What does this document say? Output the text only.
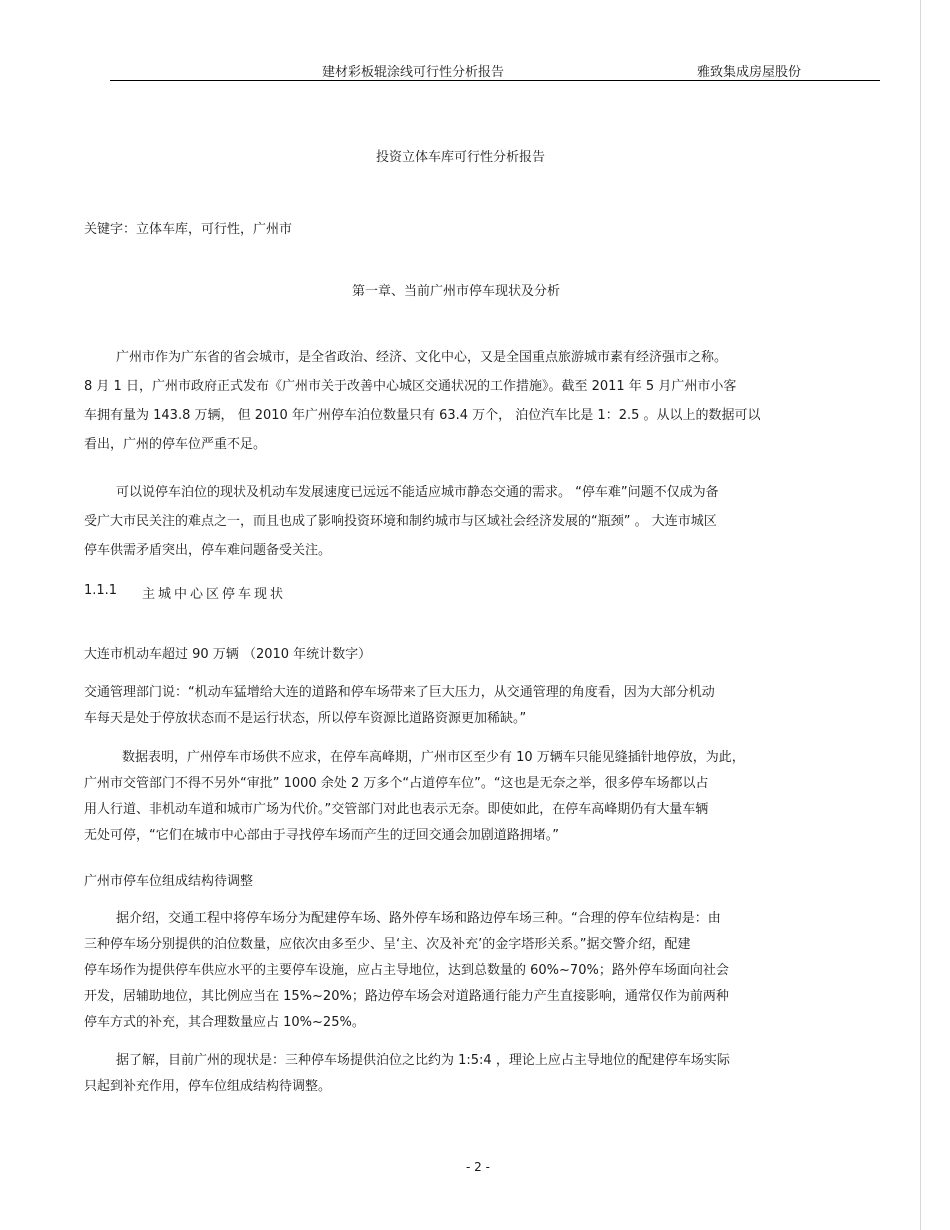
建材彩板辊涂线可行性分析报告	雅致集成房屋股份
投资立体车库可行性分析报告
关键字：立体车库，可行性，广州市
第一章、当前广州市停车现状及分析
广州市作为广东省的省会城市，是全省政治、经济、文化中心，又是全国重点旅游城市素有经济强市之称。
8 月 1 日，广州市政府正式发布《广州市关于改善中心城区交通状况的工作措施》。截至 2011 年 5 月广州市小客
车拥有量为 143.8 万辆， 但 2010 年广州停车泊位数量只有 63.4 万个， 泊位汽车比是 1：2.5 。从以上的数据可以
看出，广州的停车位严重不足。
可以说停车泊位的现状及机动车发展速度已远远不能适应城市静态交通的需求。 “停车难”问题不仅成为备
受广大市民关注的难点之一，而且也成了影响投资环境和制约城市与区域社会经济发展的“瓶颈” 。 大连市城区
停车供需矛盾突出，停车难问题备受关注。
1.1.1 主城中心区停车现状
大连市机动车超过 90 万辆 （2010 年统计数字）
交通管理部门说：“机动车猛增给大连的道路和停车场带来了巨大压力，从交通管理的角度看，因为大部分机动
车每天是处于停放状态而不是运行状态，所以停车资源比道路资源更加稀缺。”
数据表明，广州停车市场供不应求，在停车高峰期，广州市区至少有 10 万辆车只能见缝插针地停放，为此，
广州市交管部门不得不另外“审批” 1000 余处 2 万多个“占道停车位”。“这也是无奈之举，很多停车场都以占
用人行道、非机动车道和城市广场为代价。”交管部门对此也表示无奈。即使如此，在停车高峰期仍有大量车辆
无处可停，“它们在城市中心部由于寻找停车场而产生的迂回交通会加剧道路拥堵。”
广州市停车位组成结构待调整
据介绍，交通工程中将停车场分为配建停车场、路外停车场和路边停车场三种。“合理的停车位结构是：由
三种停车场分别提供的泊位数量，应依次由多至少、呈‘主、次及补充’的金字塔形关系。”据交警介绍，配建
停车场作为提供停车供应水平的主要停车设施，应占主导地位，达到总数量的 60%~70%；路外停车场面向社会
开发，居辅助地位，其比例应当在 15%~20%；路边停车场会对道路通行能力产生直接影响，通常仅作为前两种
停车方式的补充，其合理数量应占 10%~25%。
据了解，目前广州的现状是：三种停车场提供泊位之比约为 1:5:4 ，理论上应占主导地位的配建停车场实际
只起到补充作用，停车位组成结构待调整。
- 2 -
